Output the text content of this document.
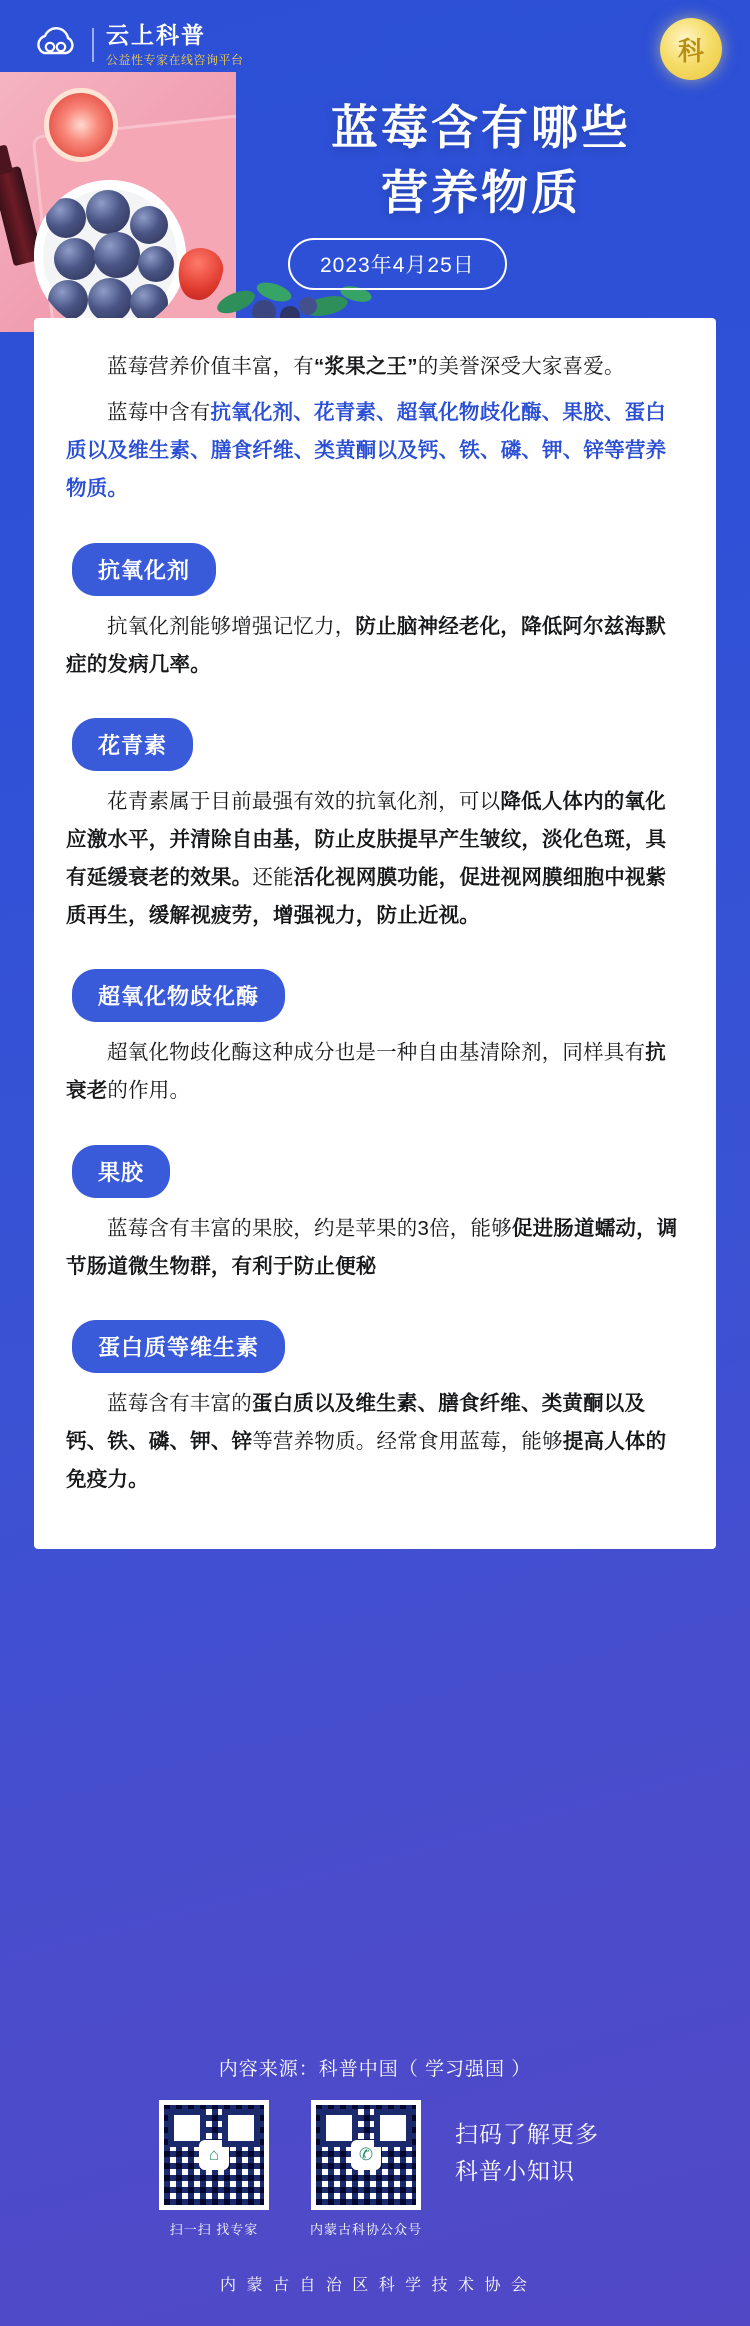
云上科普
公益性专家在线咨询平台	科
蓝莓含有哪些
营养物质
2023年4月25日

蓝莓营养价值丰富，有“浆果之王”的美誉深受大家喜爱。

蓝莓中含有抗氧化剂、花青素、超氧化物歧化酶、果胶、蛋白质以及维生素、膳食纤维、类黄酮以及钙、铁、磷、钾、锌等营养物质。

抗氧化剂

抗氧化剂能够增强记忆力，防止脑神经老化，降低阿尔兹海默症的发病几率。

花青素

花青素属于目前最强有效的抗氧化剂，可以降低人体内的氧化应激水平，并清除自由基，防止皮肤提早产生皱纹，淡化色斑，具有延缓衰老的效果。还能活化视网膜功能，促进视网膜细胞中视紫质再生，缓解视疲劳，增强视力，防止近视。

超氧化物歧化酶

超氧化物歧化酶这种成分也是一种自由基清除剂，同样具有抗衰老的作用。

果胶

蓝莓含有丰富的果胶，约是苹果的3倍，能够促进肠道蠕动，调节肠道微生物群，有利于防止便秘

蛋白质等维生素

蓝莓含有丰富的蛋白质以及维生素、膳食纤维、类黄酮以及钙、铁、磷、钾、锌等营养物质。经常食用蓝莓，能够提高人体的免疫力。

内容来源：科普中国（ 学习强国 ）
⌂
扫一扫 找专家
✆
内蒙古科协公众号
扫码了解更多
科普小知识
内 蒙 古 自 治 区 科 学 技 术 协 会
